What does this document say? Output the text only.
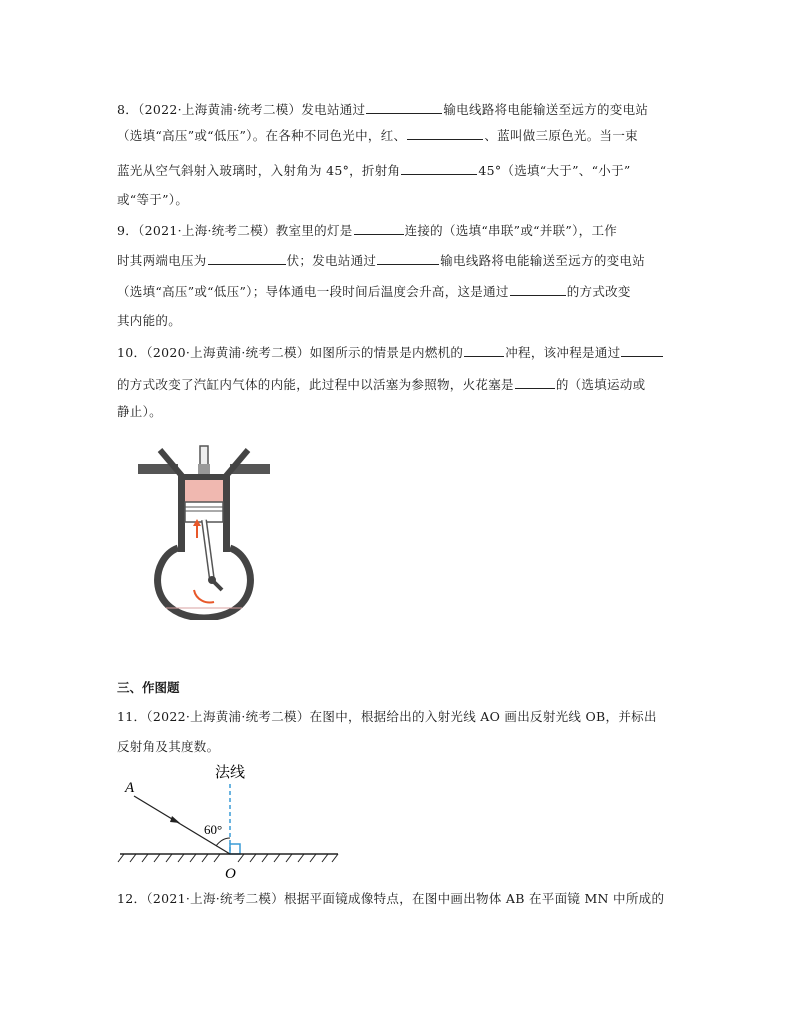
8．（2022·上海黄浦·统考二模）发电站通过	输电线路将电能输送至远方的变电站
（选填“高压”或“低压”）。在各种不同色光中，红、	、蓝叫做三原色光。当一束
蓝光从空气斜射入玻璃时，入射角为 45°，折射角	45°（选填“大于”、“小于”
或“等于”）。
9．（2021·上海·统考二模）教室里的灯是	连接的（选填“串联”或“并联”），工作
时其两端电压为	伏；发电站通过	输电线路将电能输送至远方的变电站
（选填“高压”或“低压”）；导体通电一段时间后温度会升高，这是通过	的方式改变
其内能的。
10．（2020·上海黄浦·统考二模）如图所示的情景是内燃机的	冲程，该冲程是通过
的方式改变了汽缸内气体的内能，此过程中以活塞为参照物，火花塞是	的（选填运动或
静止）。
三、作图题
11．（2022·上海黄浦·统考二模）在图中，根据给出的入射光线 AO 画出反射光线 OB，并标出
反射角及其度数。
法线
A
60°
O
12．（2021·上海·统考二模）根据平面镜成像特点，在图中画出物体 AB 在平面镜 MN 中所成的
